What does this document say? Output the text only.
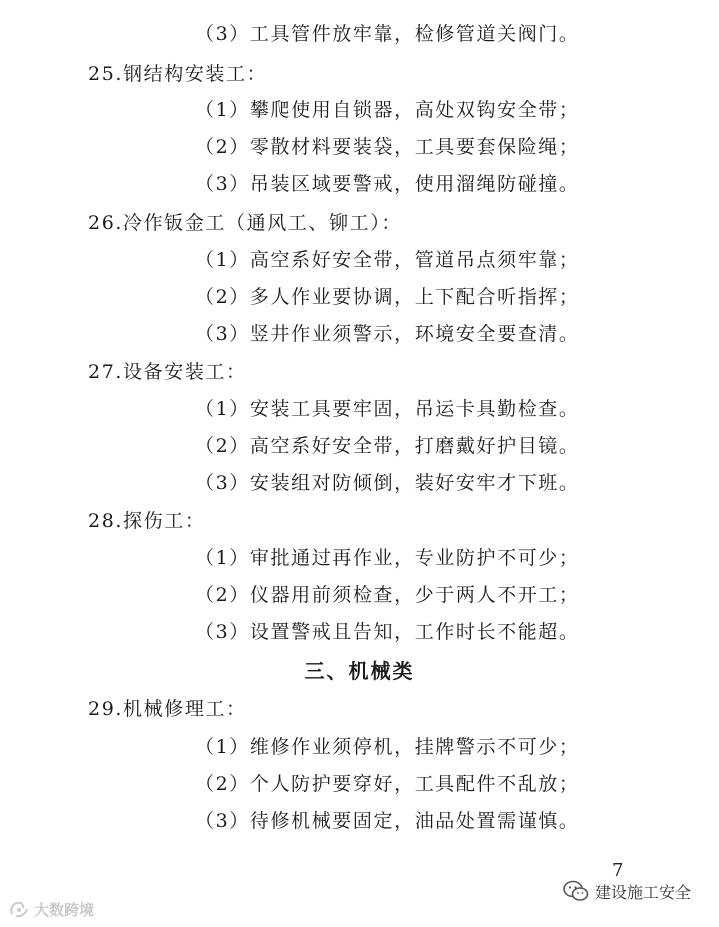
（3）工具管件放牢靠，检修管道关阀门。
25.钢结构安装工：
（1）攀爬使用自锁器，高处双钩安全带；
（2）零散材料要装袋，工具要套保险绳；
（3）吊装区域要警戒，使用溜绳防碰撞。
26.冷作钣金工（通风工、铆工）：
（1）高空系好安全带，管道吊点须牢靠；
（2）多人作业要协调，上下配合听指挥；
（3）竖井作业须警示，环境安全要查清。
27.设备安装工：
（1）安装工具要牢固，吊运卡具勤检查。
（2）高空系好安全带，打磨戴好护目镜。
（3）安装组对防倾倒，装好安牢才下班。
28.探伤工：
（1）审批通过再作业，专业防护不可少；
（2）仪器用前须检查，少于两人不开工；
（3）设置警戒且告知，工作时长不能超。
三、机械类
29.机械修理工：
（1）维修作业须停机，挂牌警示不可少；
（2）个人防护要穿好，工具配件不乱放；
（3）待修机械要固定，油品处置需谨慎。
7
大数跨境
建设施工安全
